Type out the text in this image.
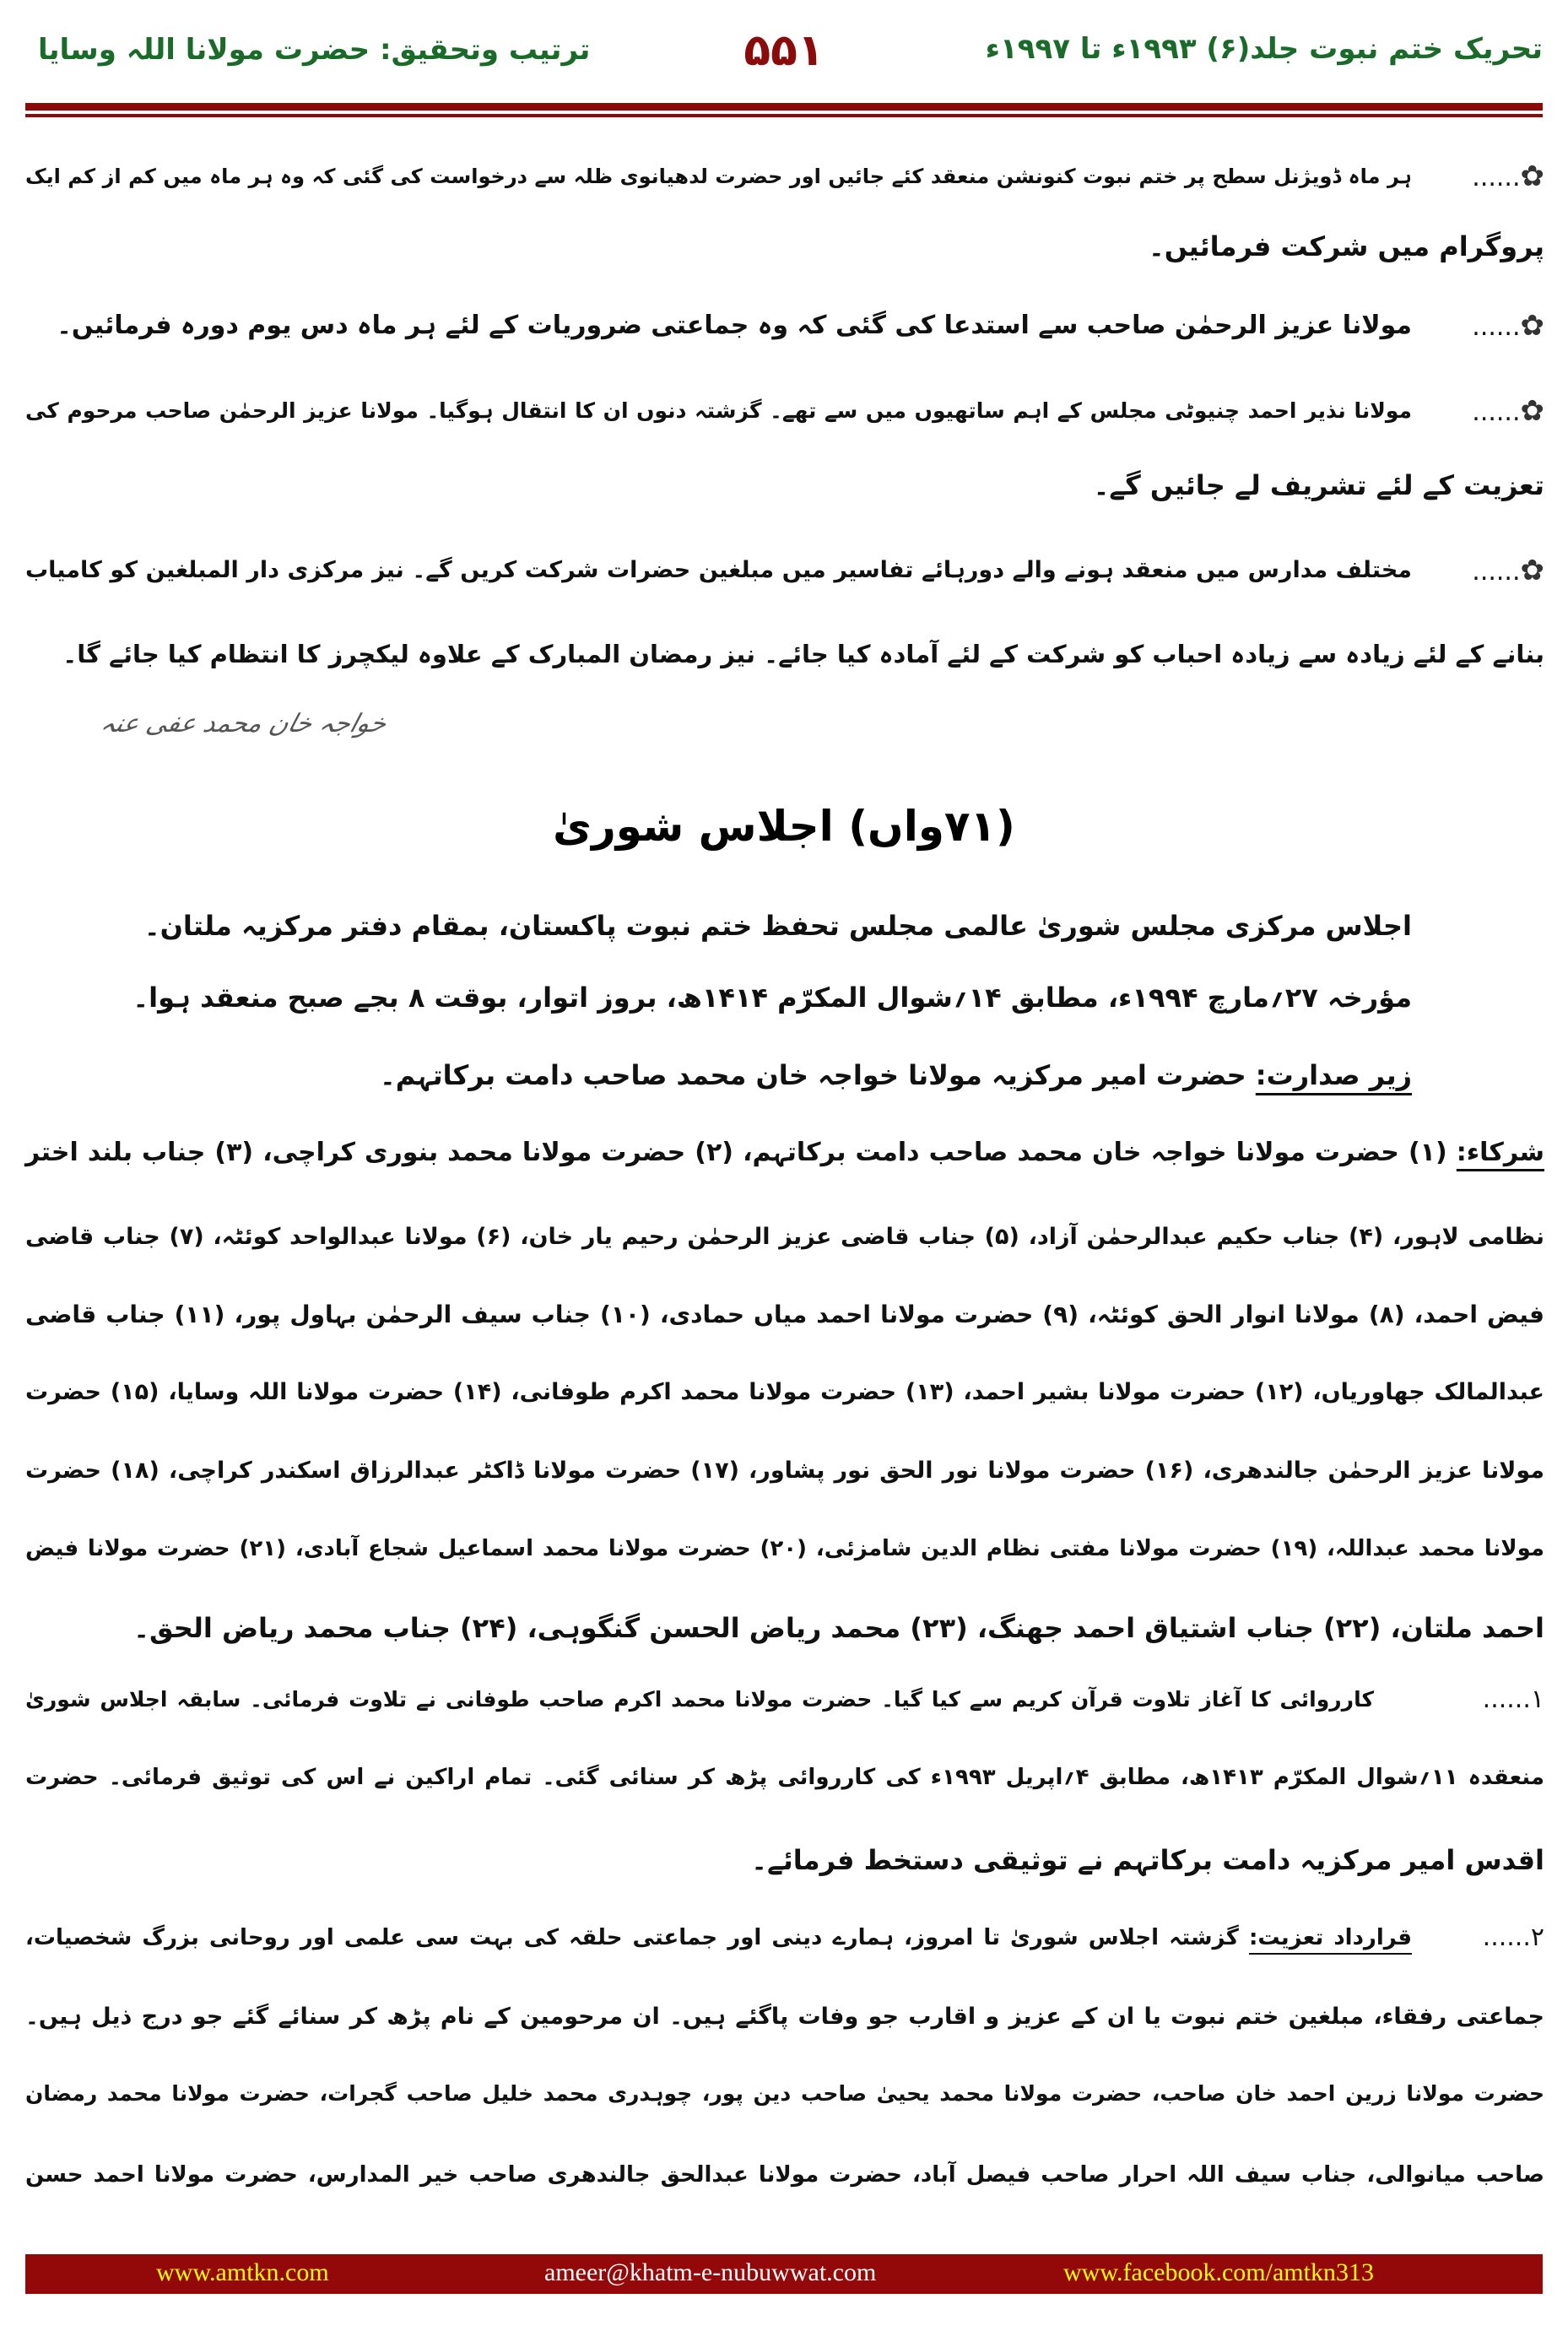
تحریک ختم نبوت جلد(۶) ۱۹۹۳ء تا ۱۹۹۷ء
۵۵۱
ترتیب وتحقیق: حضرت مولانا اللہ وسایا
✿......
ہر ماہ ڈویژنل سطح پر ختم نبوت کنونشن منعقد کئے جائیں اور حضرت لدھیانوی ظلہ سے درخواست کی گئی کہ وہ ہر ماہ میں کم از کم ایک
پروگرام میں شرکت فرمائیں۔
✿......
مولانا عزیز الرحمٰن صاحب سے استدعا کی گئی کہ وہ جماعتی ضروریات کے لئے ہر ماہ دس یوم دورہ فرمائیں۔
✿......
مولانا نذیر احمد چنیوٹی مجلس کے اہم ساتھیوں میں سے تھے۔ گزشتہ دنوں ان کا انتقال ہوگیا۔ مولانا عزیز الرحمٰن صاحب مرحوم کی
تعزیت کے لئے تشریف لے جائیں گے۔
✿......
مختلف مدارس میں منعقد ہونے والے دورہائے تفاسیر میں مبلغین حضرات شرکت کریں گے۔ نیز مرکزی دار المبلغین کو کامیاب
بنانے کے لئے زیادہ سے زیادہ احباب کو شرکت کے لئے آمادہ کیا جائے۔ نیز رمضان المبارک کے علاوہ لیکچرز کا انتظام کیا جائے گا۔
خواجہ خان محمد عفی عنہ
(۷۱واں) اجلاس شوریٰ
اجلاس مرکزی مجلس شوریٰ عالمی مجلس تحفظ ختم نبوت پاکستان، بمقام دفتر مرکزیہ ملتان۔
مؤرخہ ۲۷؍مارچ ۱۹۹۴ء، مطابق ۱۴؍شوال المکرّم ۱۴۱۴ھ، بروز اتوار، بوقت ۸ بجے صبح منعقد ہوا۔
زیر صدارت: حضرت امیر مرکزیہ مولانا خواجہ خان محمد صاحب دامت برکاتہم۔
شرکاء: (۱) حضرت مولانا خواجہ خان محمد صاحب دامت برکاتہم، (۲) حضرت مولانا محمد بنوری کراچی، (۳) جناب بلند اختر
نظامی لاہور، (۴) جناب حکیم عبدالرحمٰن آزاد، (۵) جناب قاضی عزیز الرحمٰن رحیم یار خان، (۶) مولانا عبدالواحد کوئٹہ، (۷) جناب قاضی
فیض احمد، (۸) مولانا انوار الحق کوئٹہ، (۹) حضرت مولانا احمد میاں حمادی، (۱۰) جناب سیف الرحمٰن بہاول پور، (۱۱) جناب قاضی
عبدالمالک جھاوریاں، (۱۲) حضرت مولانا بشیر احمد، (۱۳) حضرت مولانا محمد اکرم طوفانی، (۱۴) حضرت مولانا اللہ وسایا، (۱۵) حضرت
مولانا عزیز الرحمٰن جالندھری، (۱۶) حضرت مولانا نور الحق نور پشاور، (۱۷) حضرت مولانا ڈاکٹر عبدالرزاق اسکندر کراچی، (۱۸) حضرت
مولانا محمد عبداللہ، (۱۹) حضرت مولانا مفتی نظام الدین شامزئی، (۲۰) حضرت مولانا محمد اسماعیل شجاع آبادی، (۲۱) حضرت مولانا فیض
احمد ملتان، (۲۲) جناب اشتیاق احمد جھنگ، (۲۳) محمد ریاض الحسن گنگوہی، (۲۴) جناب محمد ریاض الحق۔
۱......
کارروائی کا آغاز تلاوت قرآن کریم سے کیا گیا۔ حضرت مولانا محمد اکرم صاحب طوفانی نے تلاوت فرمائی۔ سابقہ اجلاس شوریٰ
منعقدہ ۱۱؍شوال المکرّم ۱۴۱۳ھ، مطابق ۴؍اپریل ۱۹۹۳ء کی کارروائی پڑھ کر سنائی گئی۔ تمام اراکین نے اس کی توثیق فرمائی۔ حضرت
اقدس امیر مرکزیہ دامت برکاتہم نے توثیقی دستخط فرمائے۔
۲......
قرارداد تعزیت: گزشتہ اجلاس شوریٰ تا امروز، ہمارے دینی اور جماعتی حلقہ کی بہت سی علمی اور روحانی بزرگ شخصیات،
جماعتی رفقاء، مبلغین ختم نبوت یا ان کے عزیز و اقارب جو وفات پاگئے ہیں۔ ان مرحومین کے نام پڑھ کر سنائے گئے جو درج ذیل ہیں۔
حضرت مولانا زرین احمد خان صاحب، حضرت مولانا محمد یحییٰ صاحب دین پور، چوہدری محمد خلیل صاحب گجرات، حضرت مولانا محمد رمضان
صاحب میانوالی، جناب سیف اللہ احرار صاحب فیصل آباد، حضرت مولانا عبدالحق جالندھری صاحب خیر المدارس، حضرت مولانا احمد حسن
www.amtkn.com	ameer@khatm-e-nubuwwat.com	www.facebook.com/amtkn313
